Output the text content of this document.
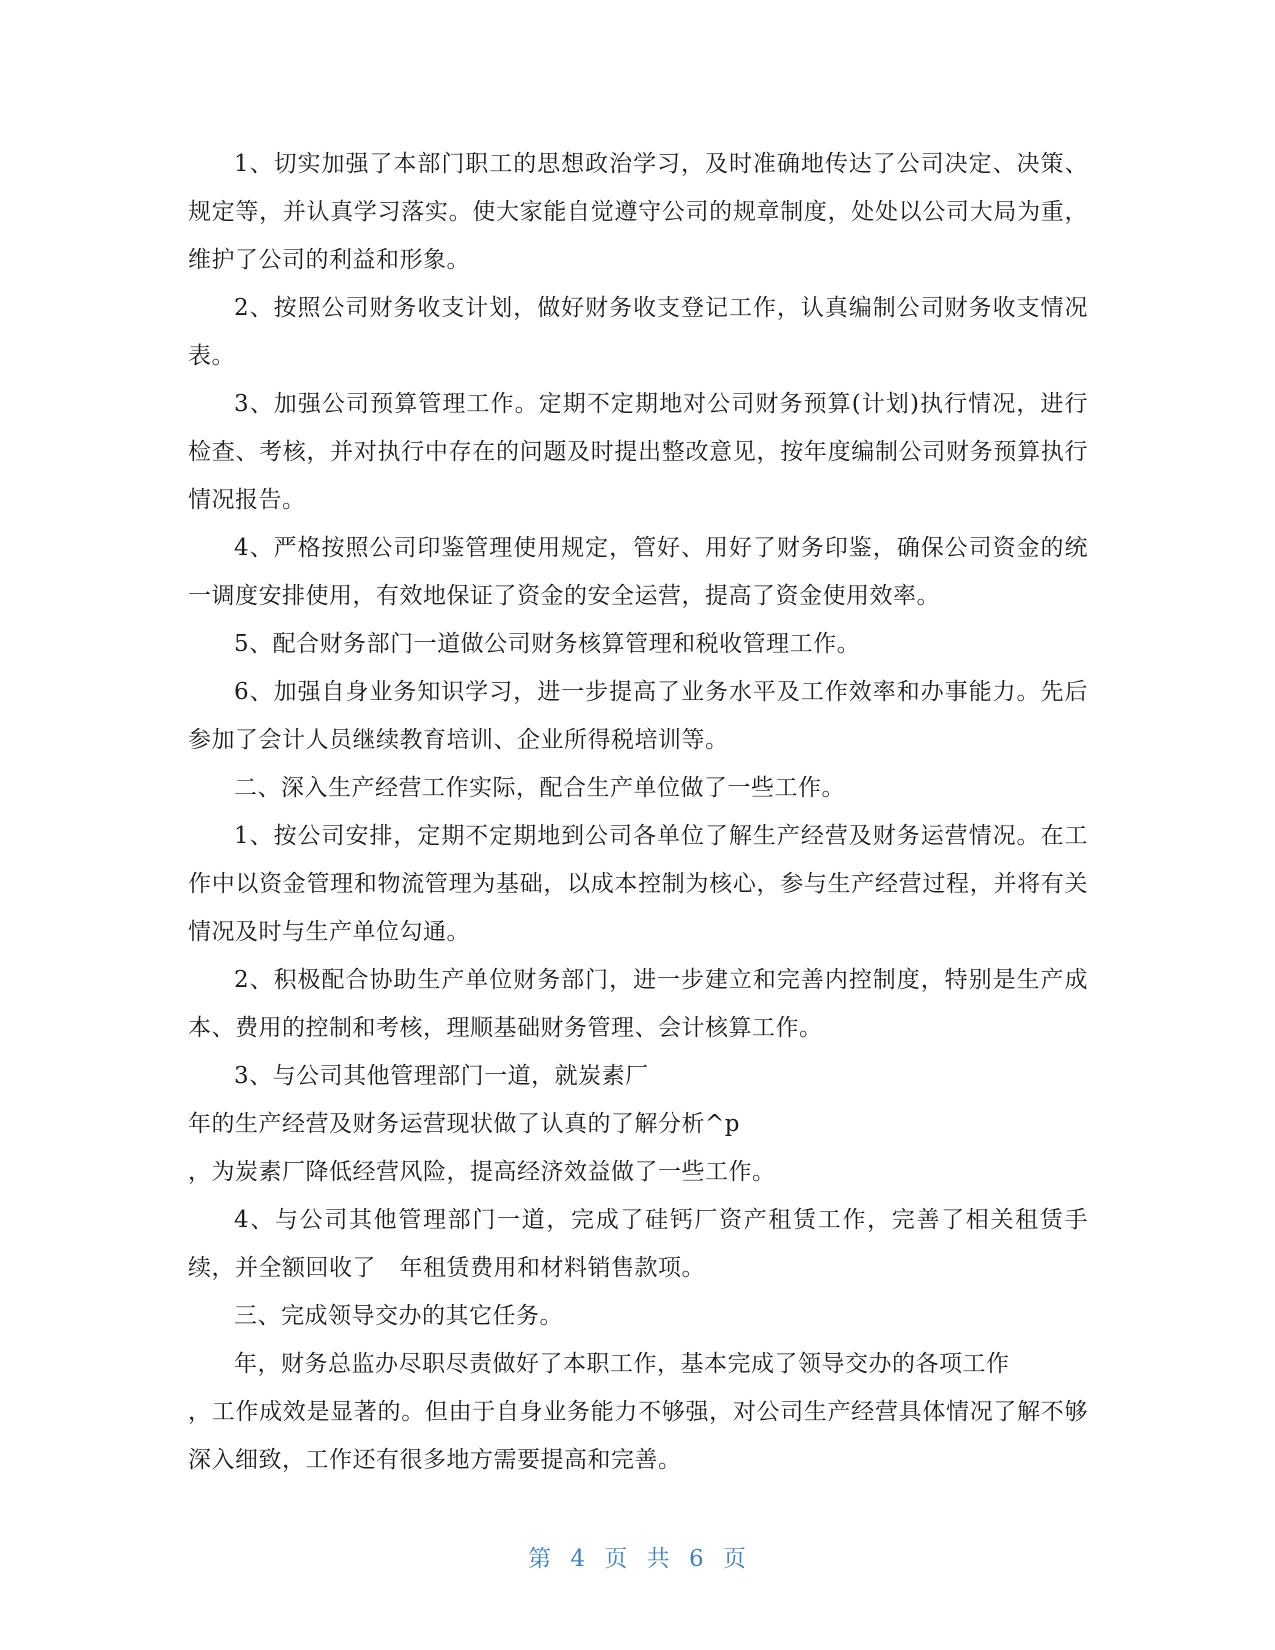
1、切实加强了本部门职工的思想政治学习，及时准确地传达了公司决定、决策、规定等，并认真学习落实。使大家能自觉遵守公司的规章制度，处处以公司大局为重，维护了公司的利益和形象。

2、按照公司财务收支计划，做好财务收支登记工作，认真编制公司财务收支情况表。

3、加强公司预算管理工作。定期不定期地对公司财务预算(计划)执行情况，进行检查、考核，并对执行中存在的问题及时提出整改意见，按年度编制公司财务预算执行情况报告。

4、严格按照公司印鉴管理使用规定，管好、用好了财务印鉴，确保公司资金的统一调度安排使用，有效地保证了资金的安全运营，提高了资金使用效率。

5、配合财务部门一道做公司财务核算管理和税收管理工作。

6、加强自身业务知识学习，进一步提高了业务水平及工作效率和办事能力。先后参加了会计人员继续教育培训、企业所得税培训等。

二、深入生产经营工作实际，配合生产单位做了一些工作。

1、按公司安排，定期不定期地到公司各单位了解生产经营及财务运营情况。在工作中以资金管理和物流管理为基础，以成本控制为核心，参与生产经营过程，并将有关情况及时与生产单位勾通。

2、积极配合协助生产单位财务部门，进一步建立和完善内控制度，特别是生产成本、费用的控制和考核，理顺基础财务管理、会计核算工作。

3、与公司其他管理部门一道，就炭素厂

年的生产经营及财务运营现状做了认真的了解分析^p

，为炭素厂降低经营风险，提高经济效益做了一些工作。

4、与公司其他管理部门一道，完成了硅钙厂资产租赁工作，完善了相关租赁手续，并全额回收了　年租赁费用和材料销售款项。

三、完成领导交办的其它任务。

年，财务总监办尽职尽责做好了本职工作，基本完成了领导交办的各项工作

，工作成效是显著的。但由于自身业务能力不够强，对公司生产经营具体情况了解不够深入细致，工作还有很多地方需要提高和完善。

第 4 页 共 6 页
